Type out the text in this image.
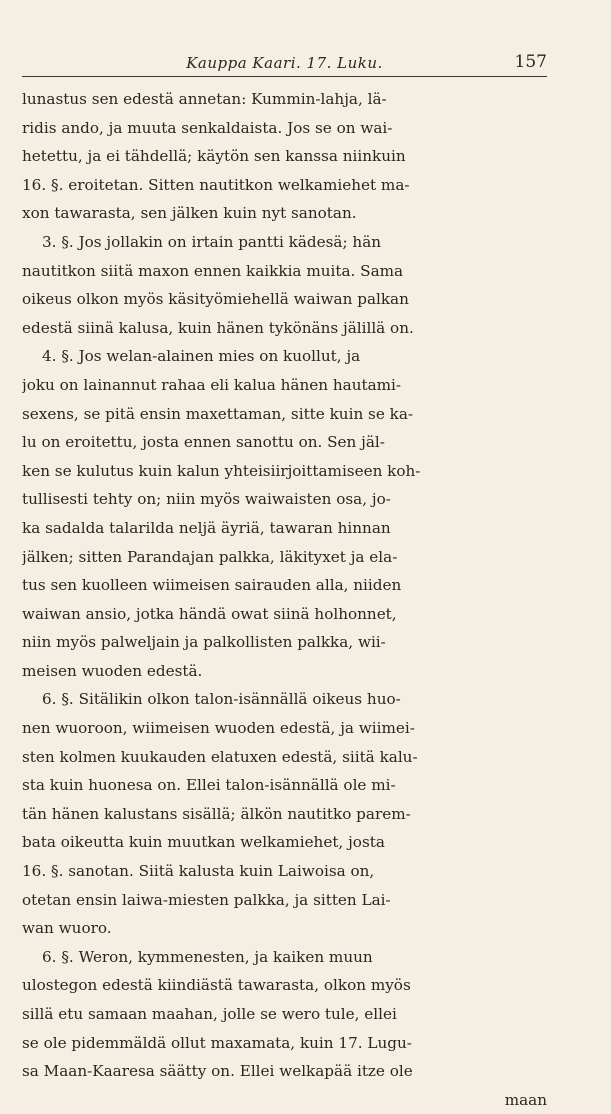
Kauppa Kaari. 17. Luku.	157
lunastus sen edestä annetan: Kummin-lahja, lä-
ridis ando, ja muuta senkaldaista. Jos se on wai-
hetettu, ja ei tähdellä; käytön sen kanssa niinkuin
16. §. eroitetan. Sitten nautitkon welkamiehet ma-
xon tawarasta, sen jälken kuin nyt sanotan.
3. §. Jos jollakin on irtain pantti kädesä; hän
nautitkon siitä maxon ennen kaikkia muita. Sama
oikeus olkon myös käsityömiehellä waiwan palkan
edestä siinä kalusa, kuin hänen tykönäns jälillä on.
4. §. Jos welan-alainen mies on kuollut, ja
joku on lainannut rahaa eli kalua hänen hautami-
sexens, se pitä ensin maxettaman, sitte kuin se ka-
lu on eroitettu, josta ennen sanottu on. Sen jäl-
ken se kulutus kuin kalun yhteisiirjoittamiseen koh-
tullisesti tehty on; niin myös waiwaisten osa, jo-
ka sadalda talarilda neljä äyriä, tawaran hinnan
jälken; sitten Parandajan palkka, läkityxet ja ela-
tus sen kuolleen wiimeisen sairauden alla, niiden
waiwan ansio, jotka händä owat siinä holhonnet,
niin myös palweljain ja palkollisten palkka, wii-
meisen wuoden edestä.
6. §. Sitälikin olkon talon-isännällä oikeus huo-
nen wuoroon, wiimeisen wuoden edestä, ja wiimei-
sten kolmen kuukauden elatuxen edestä, siitä kalu-
sta kuin huonesa on. Ellei talon-isännällä ole mi-
tän hänen kalustans sisällä; älkön nautitko parem-
bata oikeutta kuin muutkan welkamiehet, josta
16. §. sanotan. Siitä kalusta kuin Laiwoisa on,
otetan ensin laiwa-miesten palkka, ja sitten Lai-
wan wuoro.
6. §. Weron, kymmenesten, ja kaiken muun
ulostegon edestä kiindiästä tawarasta, olkon myös
sillä etu samaan maahan, jolle se wero tule, ellei
se ole pidemmäldä ollut maxamata, kuin 17. Lugu-
sa Maan-Kaaresa säätty on. Ellei welkapää itze ole
maan
